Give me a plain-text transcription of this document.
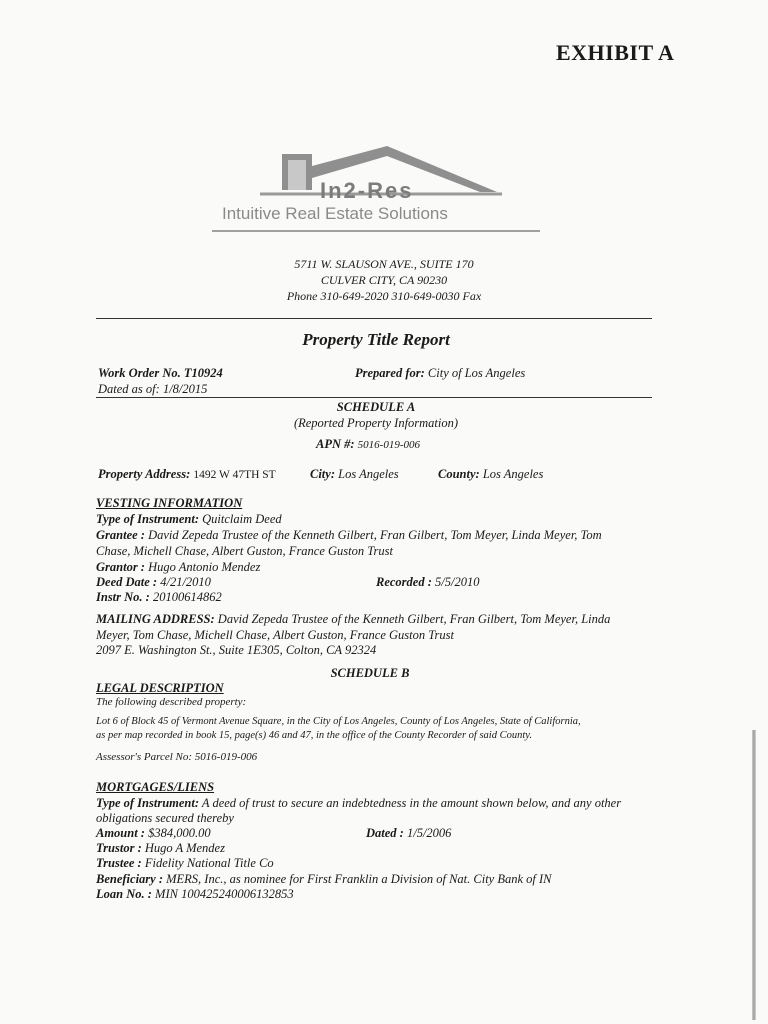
EXHIBIT A
In2-Res
Intuitive Real Estate Solutions
5711 W. SLAUSON AVE., SUITE 170
CULVER CITY, CA 90230
Phone 310-649-2020 310-649-0030 Fax
Property Title Report
Work Order No. T10924
Dated as of: 1/8/2015
Prepared for: City of Los Angeles
SCHEDULE A
(Reported Property Information)
APN #: 5016-019-006
Property Address: 1492 W 47TH ST	City: Los Angeles	County: Los Angeles
VESTING INFORMATION
Type of Instrument: Quitclaim Deed
Grantee : David Zepeda Trustee of the Kenneth Gilbert, Fran Gilbert, Tom Meyer, Linda Meyer, Tom
Chase, Michell Chase, Albert Guston, France Guston Trust
Grantor : Hugo Antonio Mendez
Deed Date : 4/21/2010	Recorded : 5/5/2010
Instr No. : 20100614862
MAILING ADDRESS: David Zepeda Trustee of the Kenneth Gilbert, Fran Gilbert, Tom Meyer, Linda
Meyer, Tom Chase, Michell Chase, Albert Guston, France Guston Trust
2097 E. Washington St., Suite 1E305, Colton, CA 92324
SCHEDULE B
LEGAL DESCRIPTION
The following described property:
Lot 6 of Block 45 of Vermont Avenue Square, in the City of Los Angeles, County of Los Angeles, State of California,
as per map recorded in book 15, page(s) 46 and 47, in the office of the County Recorder of said County.
Assessor's Parcel No: 5016-019-006
MORTGAGES/LIENS
Type of Instrument: A deed of trust to secure an indebtedness in the amount shown below, and any other
obligations secured thereby
Amount : $384,000.00	Dated : 1/5/2006
Trustor : Hugo A Mendez
Trustee : Fidelity National Title Co
Beneficiary : MERS, Inc., as nominee for First Franklin a Division of Nat. City Bank of IN
Loan No. : MIN 100425240006132853
